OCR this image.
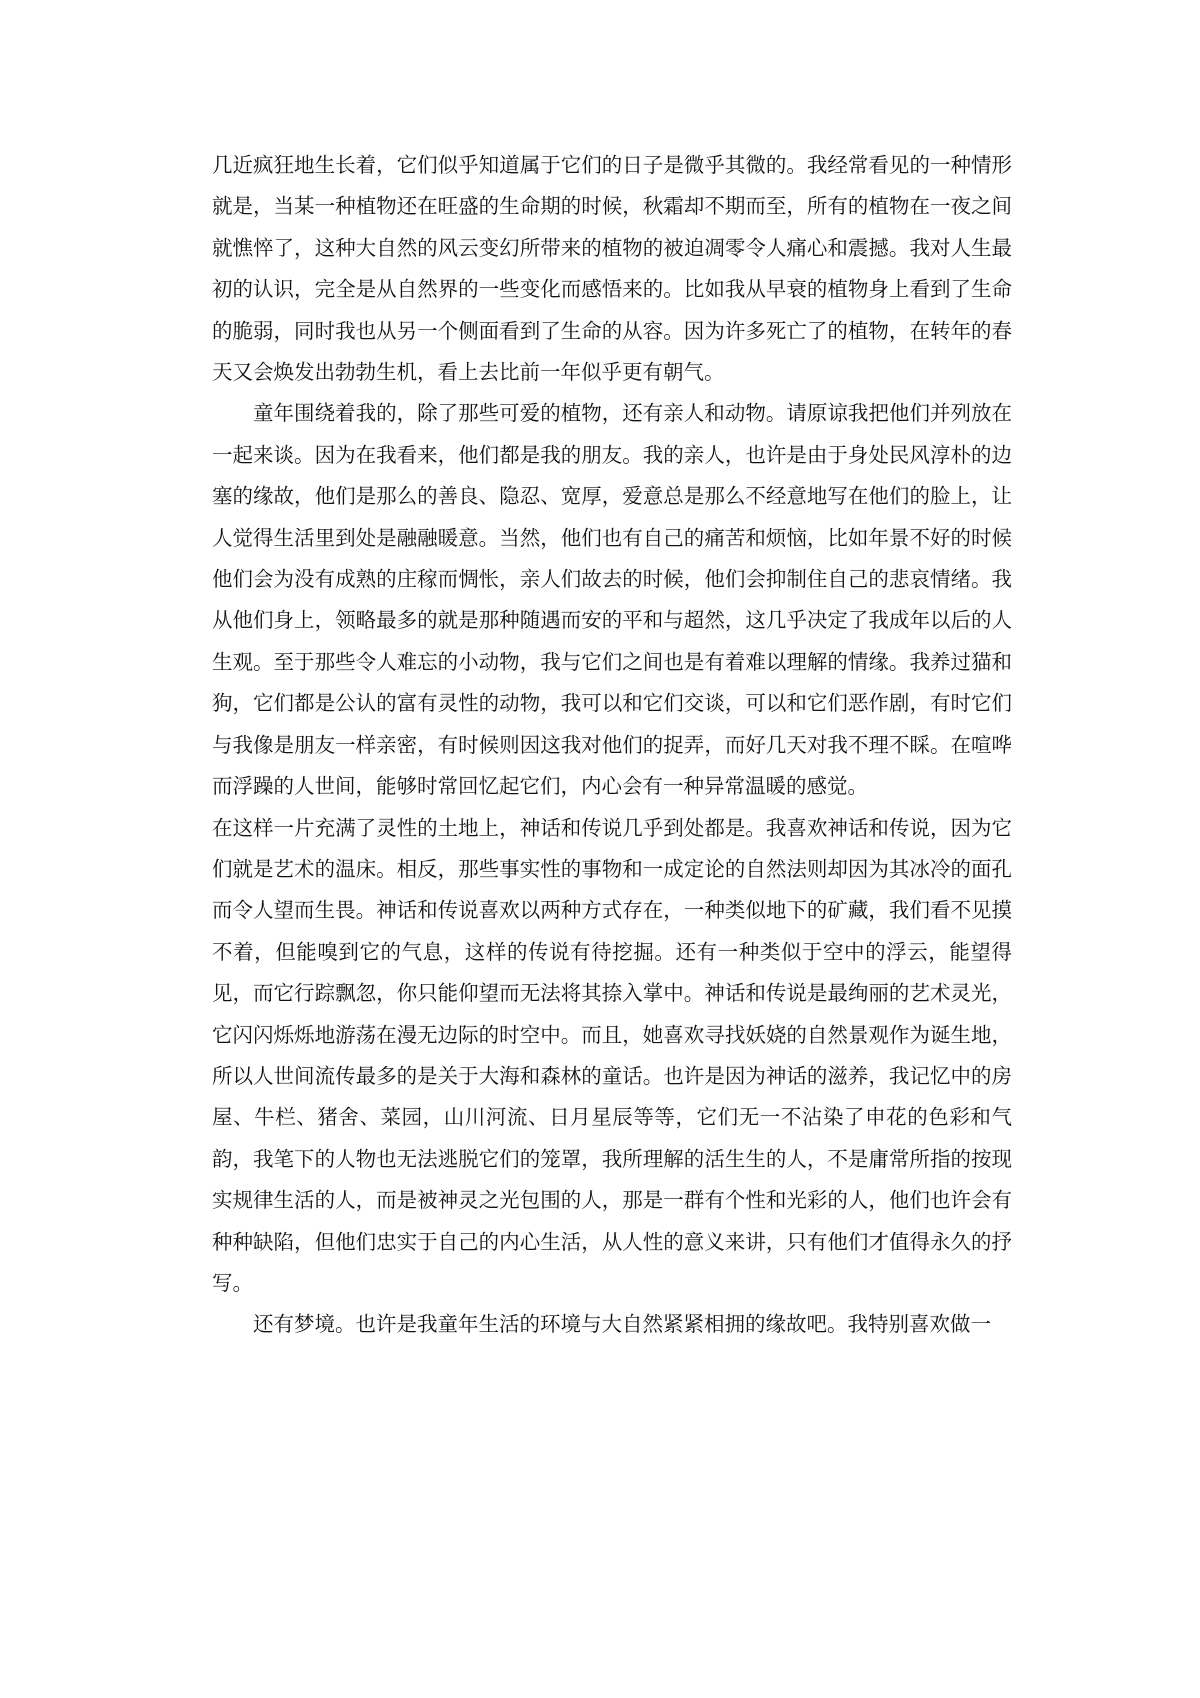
几近疯狂地生长着，它们似乎知道属于它们的日子是微乎其微的。我经常看见的一种情形就是，当某一种植物还在旺盛的生命期的时候，秋霜却不期而至，所有的植物在一夜之间就憔悴了，这种大自然的风云变幻所带来的植物的被迫凋零令人痛心和震撼。我对人生最初的认识，完全是从自然界的一些变化而感悟来的。比如我从早衰的植物身上看到了生命的脆弱，同时我也从另一个侧面看到了生命的从容。因为许多死亡了的植物，在转年的春天又会焕发出勃勃生机，看上去比前一年似乎更有朝气。

童年围绕着我的，除了那些可爱的植物，还有亲人和动物。请原谅我把他们并列放在一起来谈。因为在我看来，他们都是我的朋友。我的亲人，也许是由于身处民风淳朴的边塞的缘故，他们是那么的善良、隐忍、宽厚，爱意总是那么不经意地写在他们的脸上，让人觉得生活里到处是融融暖意。当然，他们也有自己的痛苦和烦恼，比如年景不好的时候他们会为没有成熟的庄稼而惆怅，亲人们故去的时候，他们会抑制住自己的悲哀情绪。我从他们身上，领略最多的就是那种随遇而安的平和与超然，这几乎决定了我成年以后的人生观。至于那些令人难忘的小动物，我与它们之间也是有着难以理解的情缘。我养过猫和狗，它们都是公认的富有灵性的动物，我可以和它们交谈，可以和它们恶作剧，有时它们与我像是朋友一样亲密，有时候则因这我对他们的捉弄，而好几天对我不理不睬。在喧哗而浮躁的人世间，能够时常回忆起它们，内心会有一种异常温暖的感觉。

在这样一片充满了灵性的土地上，神话和传说几乎到处都是。我喜欢神话和传说，因为它们就是艺术的温床。相反，那些事实性的事物和一成定论的自然法则却因为其冰冷的面孔而令人望而生畏。神话和传说喜欢以两种方式存在，一种类似地下的矿藏，我们看不见摸不着，但能嗅到它的气息，这样的传说有待挖掘。还有一种类似于空中的浮云，能望得见，而它行踪飘忽，你只能仰望而无法将其捺入掌中。神话和传说是最绚丽的艺术灵光，它闪闪烁烁地游荡在漫无边际的时空中。而且，她喜欢寻找妖娆的自然景观作为诞生地，所以人世间流传最多的是关于大海和森林的童话。也许是因为神话的滋养，我记忆中的房屋、牛栏、猪舍、菜园，山川河流、日月星辰等等，它们无一不沾染了申花的色彩和气韵，我笔下的人物也无法逃脱它们的笼罩，我所理解的活生生的人，不是庸常所指的按现实规律生活的人，而是被神灵之光包围的人，那是一群有个性和光彩的人，他们也许会有种种缺陷，但他们忠实于自己的内心生活，从人性的意义来讲，只有他们才值得永久的抒写。

还有梦境。也许是我童年生活的环境与大自然紧紧相拥的缘故吧。我特别喜欢做一
